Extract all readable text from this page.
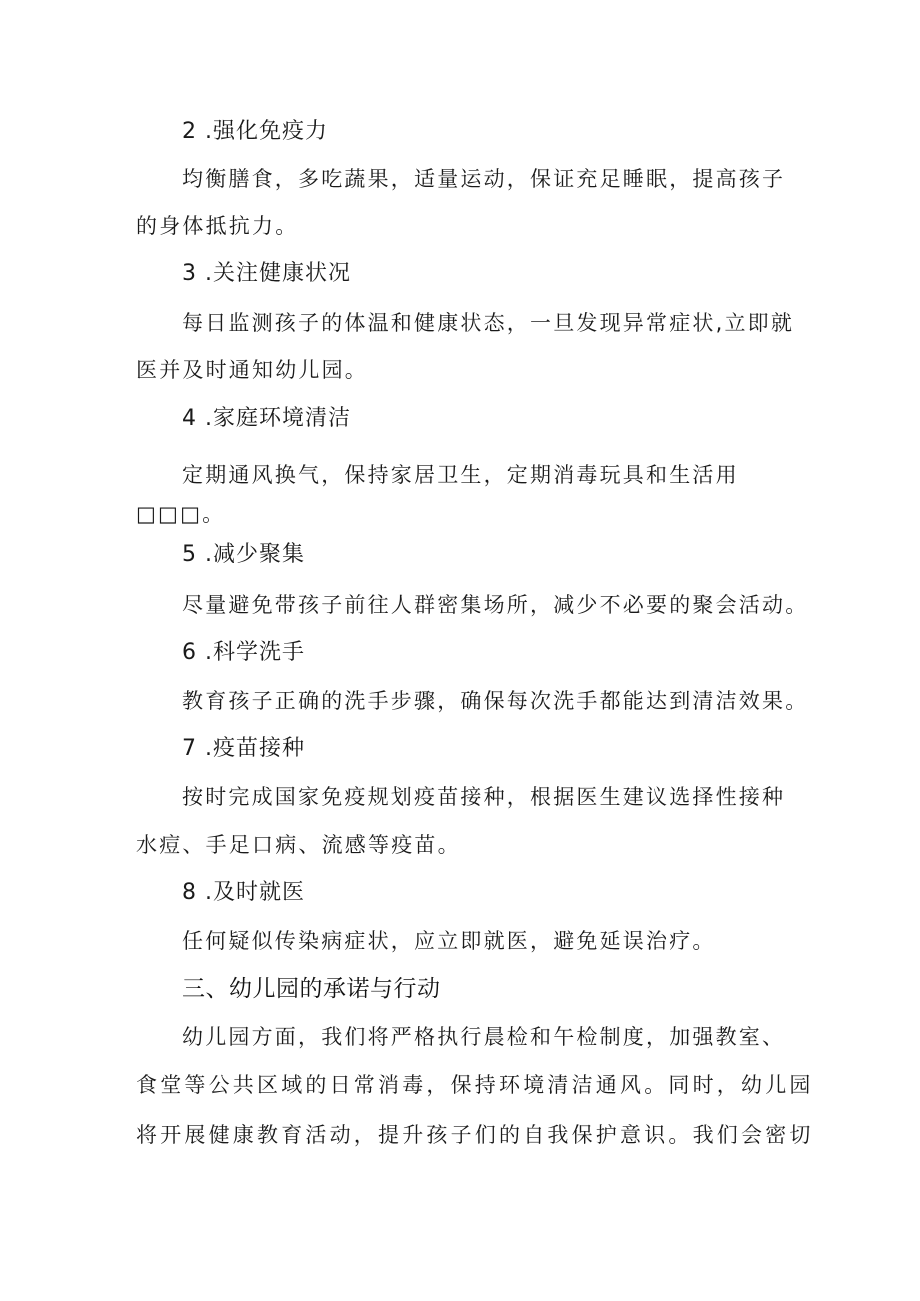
2 .强化免疫力
均衡膳食，多吃蔬果，适量运动，保证充足睡眠，提高孩子
的身体抵抗力。
3 .关注健康状况
每日监测孩子的体温和健康状态，一旦发现异常症状,立即就
医并及时通知幼儿园。
4 .家庭环境清洁
定期通风换气，保持家居卫生，定期消毒玩具和生活用
□□□。
5 .减少聚集
尽量避免带孩子前往人群密集场所，减少不必要的聚会活动。
6 .科学洗手
教育孩子正确的洗手步骤，确保每次洗手都能达到清洁效果。
7 .疫苗接种
按时完成国家免疫规划疫苗接种，根据医生建议选择性接种
水痘、手足口病、流感等疫苗。
8 .及时就医
任何疑似传染病症状，应立即就医，避免延误治疗。
三、幼儿园的承诺与行动
幼儿园方面，我们将严格执行晨检和午检制度，加强教室、
食堂等公共区域的日常消毒，保持环境清洁通风。同时，幼儿园
将开展健康教育活动，提升孩子们的自我保护意识。我们会密切
